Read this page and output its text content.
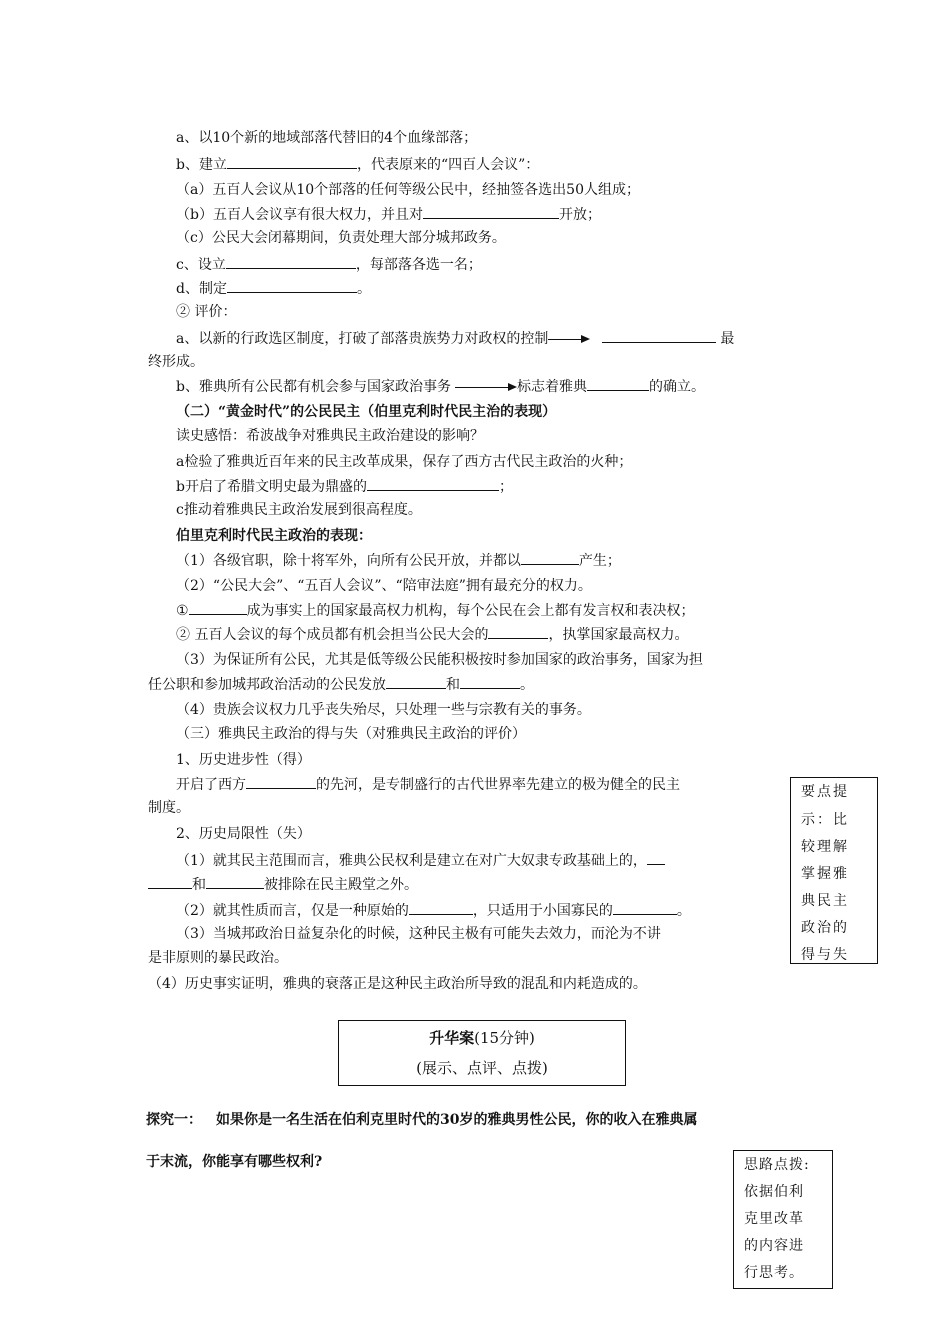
a、以10个新的地域部落代替旧的4个血缘部落；
b、建立	，代表原来的“四百人会议”：
（a）五百人会议从10个部落的任何等级公民中，经抽签各选出50人组成；
（b）五百人会议享有很大权力，并且对	开放；
（c）公民大会闭幕期间，负责处理大部分城邦政务。
c、设立	，每部落各选一名；
d、制定	。
② 评价：
a、以新的行政选区制度，打破了部落贵族势力对政权的控制	最
终形成。
b、雅典所有公民都有机会参与国家政治事务	标志着雅典	的确立。
（二）“黄金时代”的公民民主（伯里克利时代民主治的表现）
读史感悟：希波战争对雅典民主政治建设的影响？
a检验了雅典近百年来的民主改革成果，保存了西方古代民主政治的火种；
b开启了希腊文明史最为鼎盛的	；
c推动着雅典民主政治发展到很高程度。
伯里克利时代民主政治的表现：
（1）各级官职，除十将军外，向所有公民开放，并都以	产生；
（2）“公民大会”、“五百人会议”、“陪审法庭”拥有最充分的权力。
①	成为事实上的国家最高权力机构，每个公民在会上都有发言权和表决权；
② 五百人会议的每个成员都有机会担当公民大会的	，执掌国家最高权力。
（3）为保证所有公民，尤其是低等级公民能积极按时参加国家的政治事务，国家为担
任公职和参加城邦政治活动的公民发放	和	。
（4）贵族会议权力几乎丧失殆尽，只处理一些与宗教有关的事务。
（三）雅典民主政治的得与失（对雅典民主政治的评价）
1、历史进步性（得）
开启了西方	的先河，是专制盛行的古代世界率先建立的极为健全的民主
制度。
2、历史局限性（失）
（1）就其民主范围而言，雅典公民权利是建立在对广大奴隶专政基础上的，
和	被排除在民主殿堂之外。
（2）就其性质而言，仅是一种原始的	，只适用于小国寡民的	。
（3）当城邦政治日益复杂化的时候，这种民主极有可能失去效力，而沦为不讲
是非原则的暴民政治。
（4）历史事实证明，雅典的衰落正是这种民主政治所导致的混乱和内耗造成的。
要点提
示：比
较理解
掌握雅
典民主
政治的
得与失
升华案(15分钟)
(展示、点评、点拨)
探究一： 如果你是一名生活在伯利克里时代的30岁的雅典男性公民，你的收入在雅典属
于末流，你能享有哪些权利?	思路点拨:
依据伯利
克里改革
的内容进
行思考。
